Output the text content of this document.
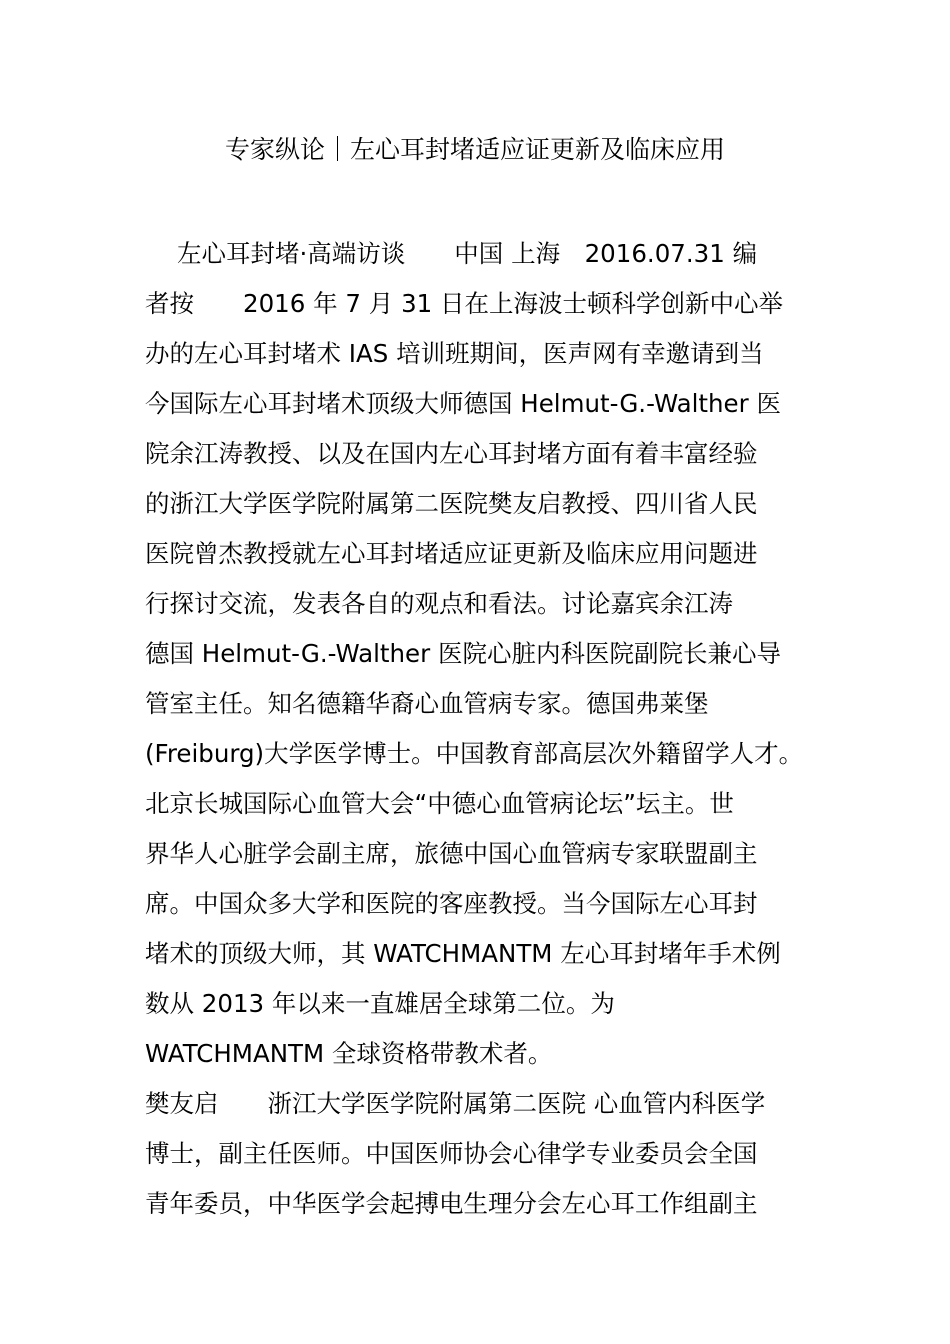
专家纵论｜左心耳封堵适应证更新及临床应用
左心耳封堵·高端访谈　　中国 上海　2016.07.31 编
者按　　2016 年 7 月 31 日在上海波士顿科学创新中心举
办的左心耳封堵术 IAS 培训班期间，医声网有幸邀请到当
今国际左心耳封堵术顶级大师德国 Helmut-G.-Walther 医
院余江涛教授、以及在国内左心耳封堵方面有着丰富经验
的浙江大学医学院附属第二医院樊友启教授、四川省人民
医院曾杰教授就左心耳封堵适应证更新及临床应用问题进
行探讨交流，发表各自的观点和看法。讨论嘉宾余江涛
德国 Helmut-G.-Walther 医院心脏内科医院副院长兼心导
管室主任。知名德籍华裔心血管病专家。德国弗莱堡
(Freiburg)大学医学博士。中国教育部高层次外籍留学人才。
北京长城国际心血管大会“中德心血管病论坛”坛主。世
界华人心脏学会副主席，旅德中国心血管病专家联盟副主
席。中国众多大学和医院的客座教授。当今国际左心耳封
堵术的顶级大师，其 WATCHMANTM 左心耳封堵年手术例
数从 2013 年以来一直雄居全球第二位。为
WATCHMANTM 全球资格带教术者。
樊友启　　浙江大学医学院附属第二医院 心血管内科医学
博士，副主任医师。中国医师协会心律学专业委员会全国
青年委员，中华医学会起搏电生理分会左心耳工作组副主
